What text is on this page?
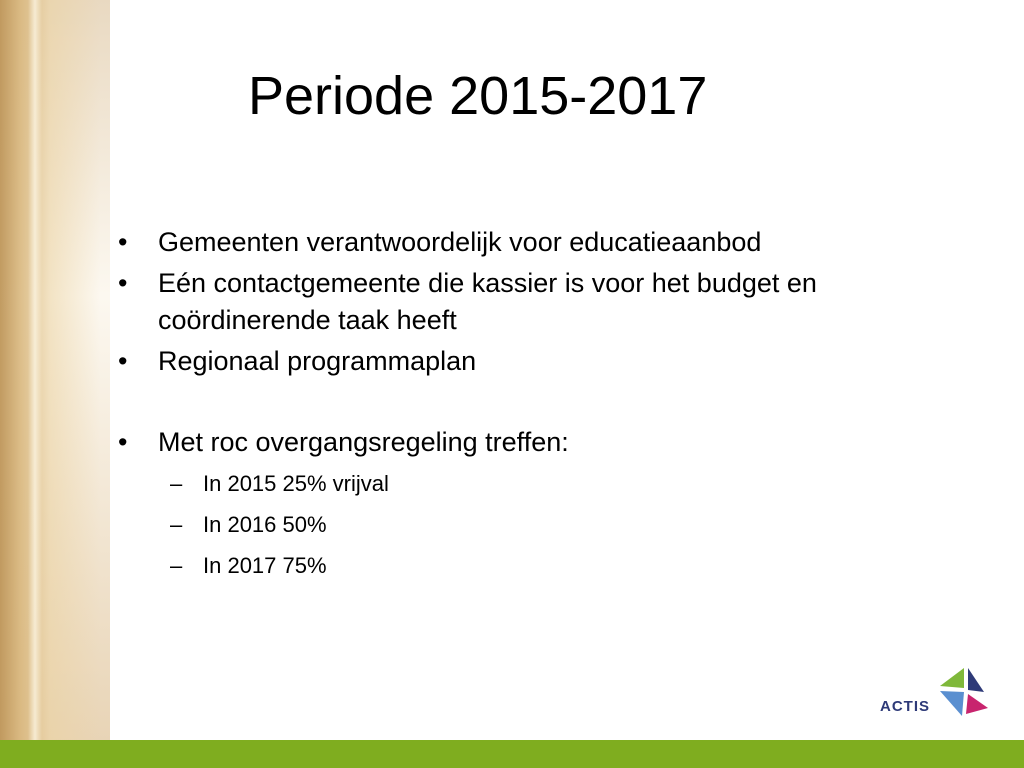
Periode 2015-2017
• Gemeenten verantwoordelijk voor educatieaanbod
• Eén contactgemeente die kassier is voor het budget en coördinerende taak heeft
• Regionaal programmaplan
• Met roc overgangsregeling treffen:
– In 2015 25% vrijval
– In 2016 50%
– In 2017 75%
ACTIS
